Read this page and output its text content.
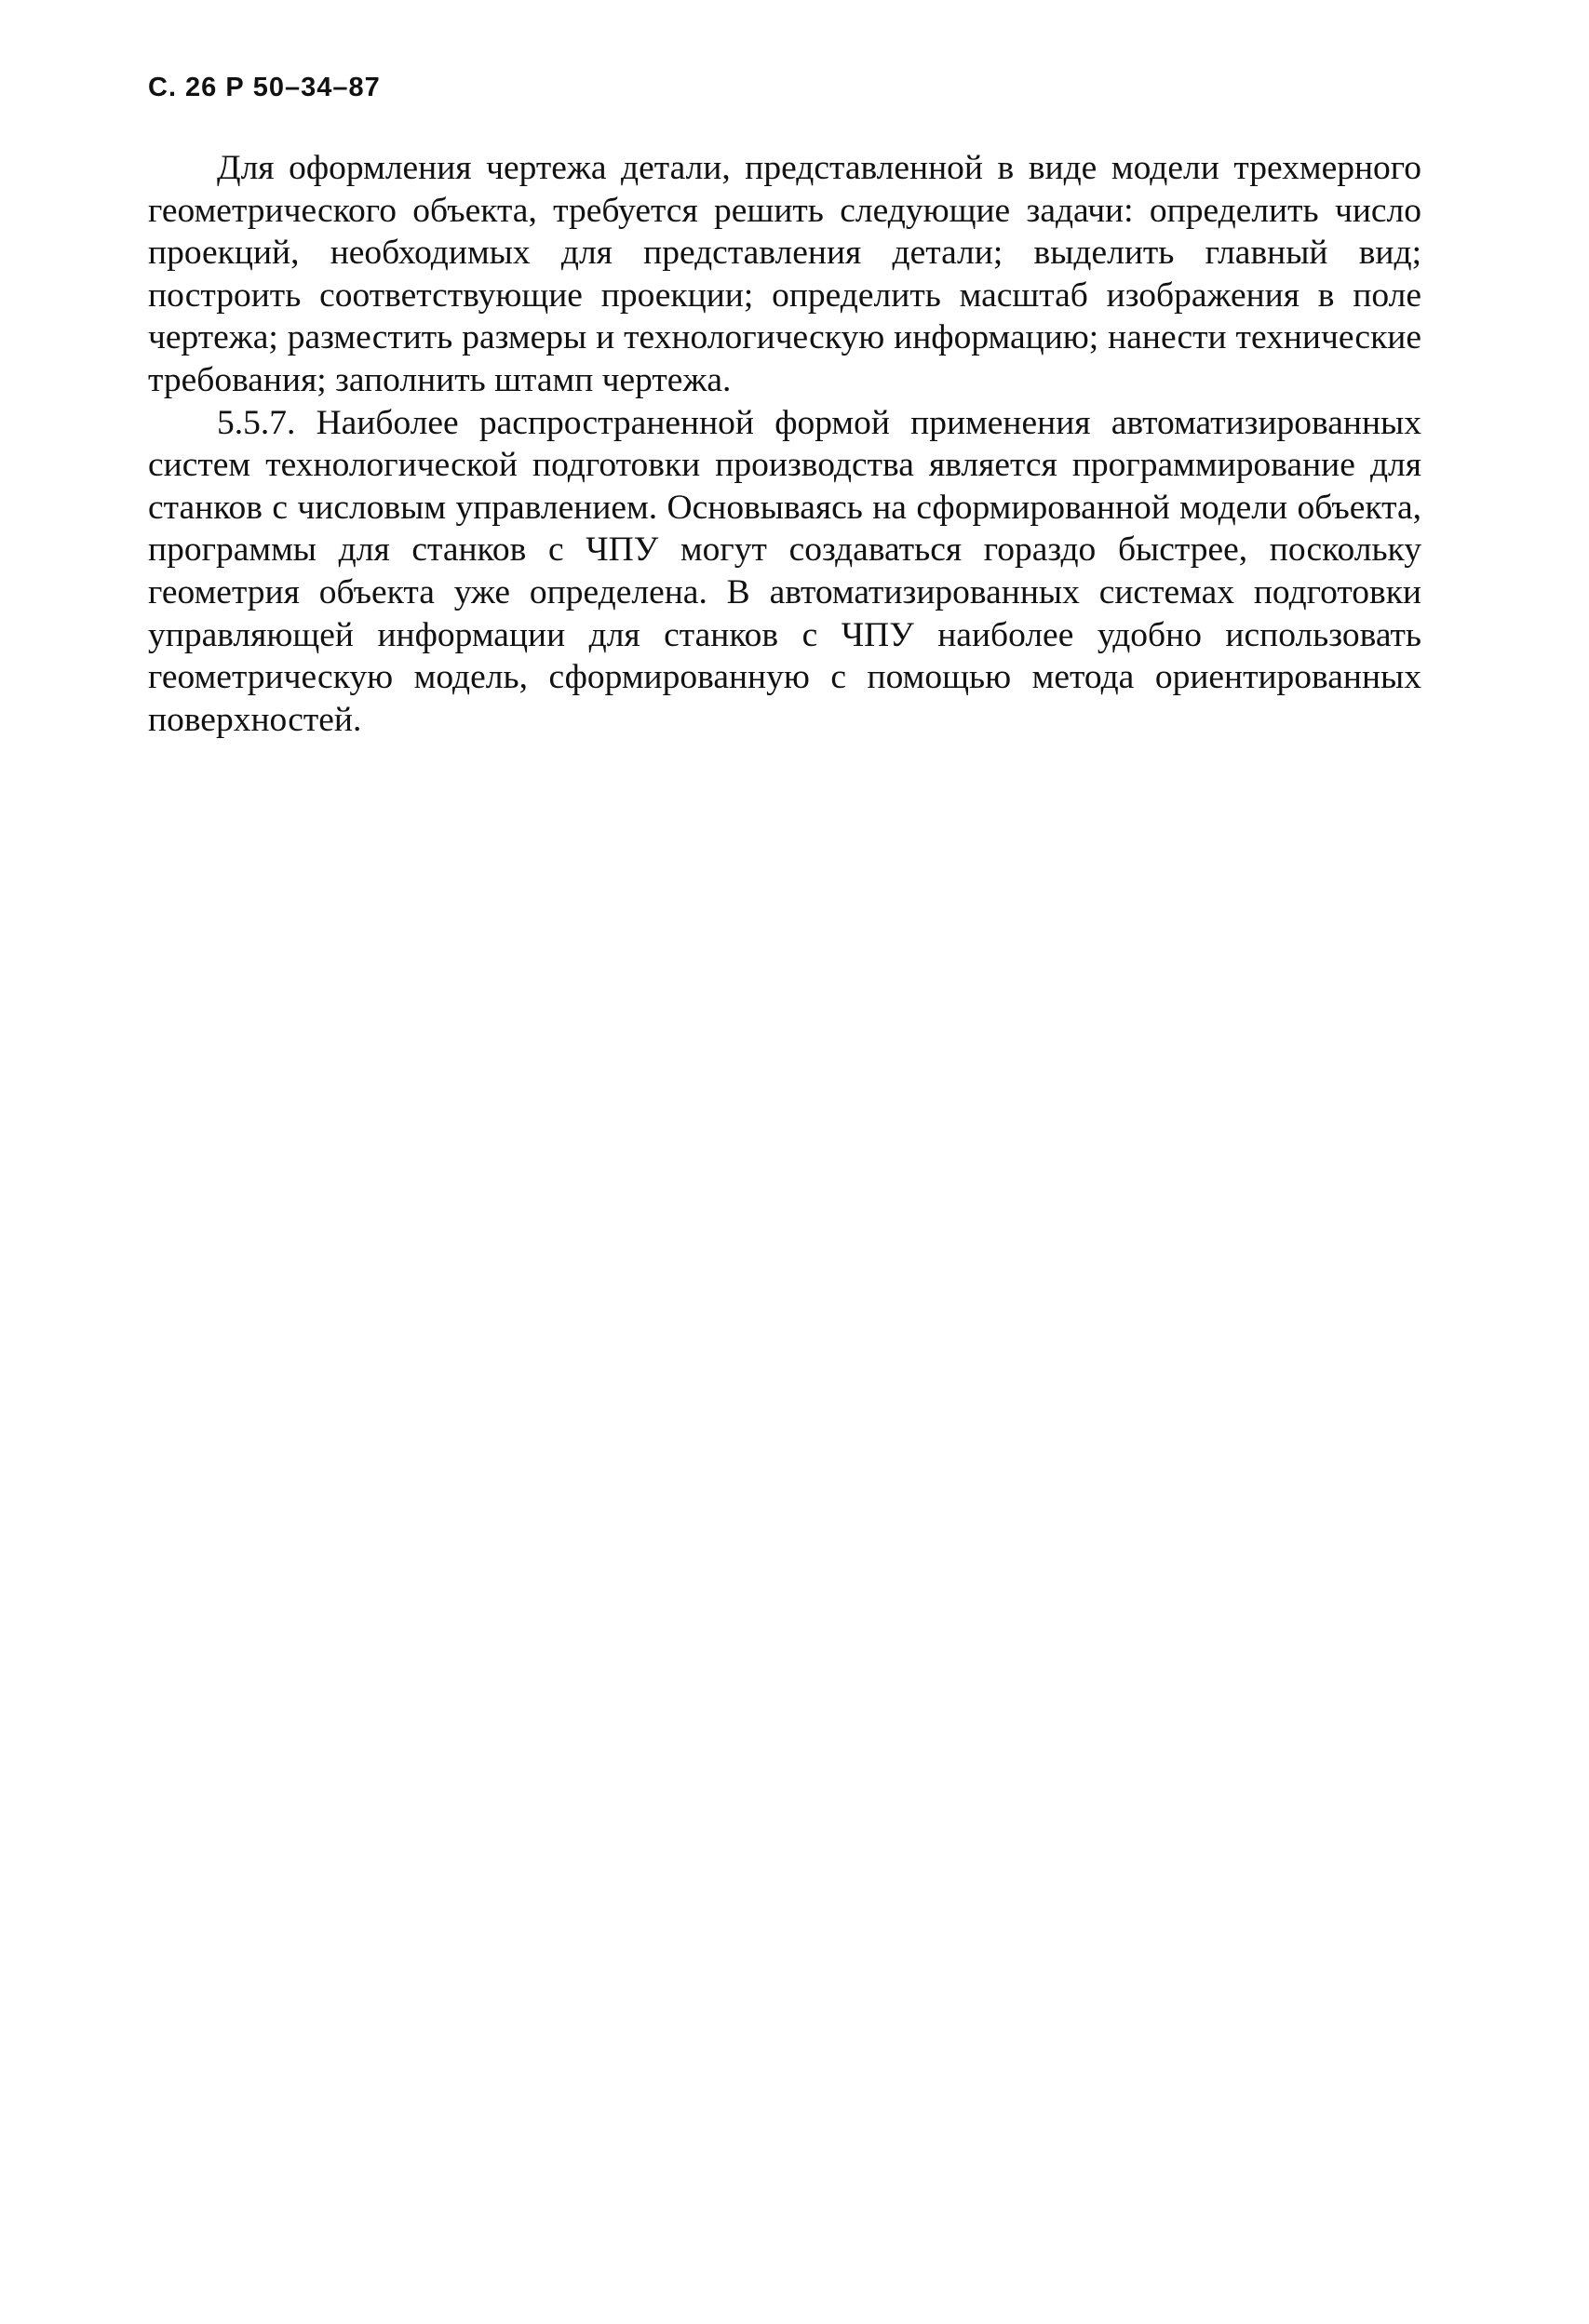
С. 26 Р 50–34–87

Для оформления чертежа детали, представленной в виде модели трехмерного геометрического объекта, требуется решить следующие задачи: определить число проекций, необходимых для представления детали; выделить главный вид; построить соответствующие проекции; определить масштаб изображения в поле чертежа; разместить размеры и технологическую информацию; нанести технические требования; заполнить штамп чертежа.

5.5.7. Наиболее распространенной формой применения автоматизированных систем технологической подготовки производства является программирование для станков с числовым управлением. Основываясь на сформированной модели объекта, программы для станков с ЧПУ могут создаваться гораздо быстрее, поскольку геометрия объекта уже определена. В автоматизированных системах подготовки управляющей информации для станков с ЧПУ наиболее удобно использовать геометрическую модель, сформированную с помощью метода ориентированных поверхностей.
